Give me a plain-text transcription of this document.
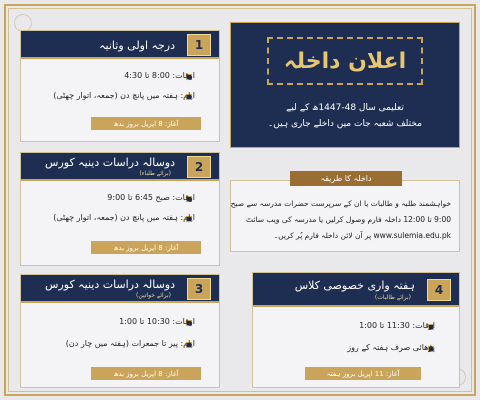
1
درجہ اولی وثانیہ
اوقات: 8:00 تا 4:30
ایام: ہفتہ میں پانچ دن (جمعہ، اتوار چھٹی)
آغاز: 8 اپریل بروز بدھ
2
دوسالہ دراسات دینیہ کورس
(برائے طلباء)
اوقات: صبح 6:45 تا 9:00
ایام: ہفتہ میں پانچ دن (جمعہ، اتوار چھٹی)
آغاز: 8 اپریل بروز بدھ
3
دوسالہ دراسات دینیہ کورس
(برائے خواتین)
اوقات: 10:30 تا 1:00
ایام: پیر تا جمعرات (ہفتہ میں چار دن)
آغاز: 8 اپریل بروز بدھ
اعلان داخلہ
تعلیمی سال 48-1447ھ کے لیے
مختلف شعبہ جات میں داخلے جاری ہیں۔
خواہشمند طلبہ و طالبات یا ان کے سرپرست حضرات مدرسہ سے صبح
9:00 تا 12:00 داخلہ فارم وصول کرلیں یا مدرسہ کی ویب سائٹ
www.sulemia.edu.pk پر آن لائن داخلہ فارم پُر کریں۔
داخلہ کا طریقہ
4
ہفتہ واری خصوصی کلاس
(برائے طالبات)
اوقات: 11:30 تا 1:00
پڑھائی صرف ہفتہ کے روز
آغاز: 11 اپریل بروز ہفتہ
